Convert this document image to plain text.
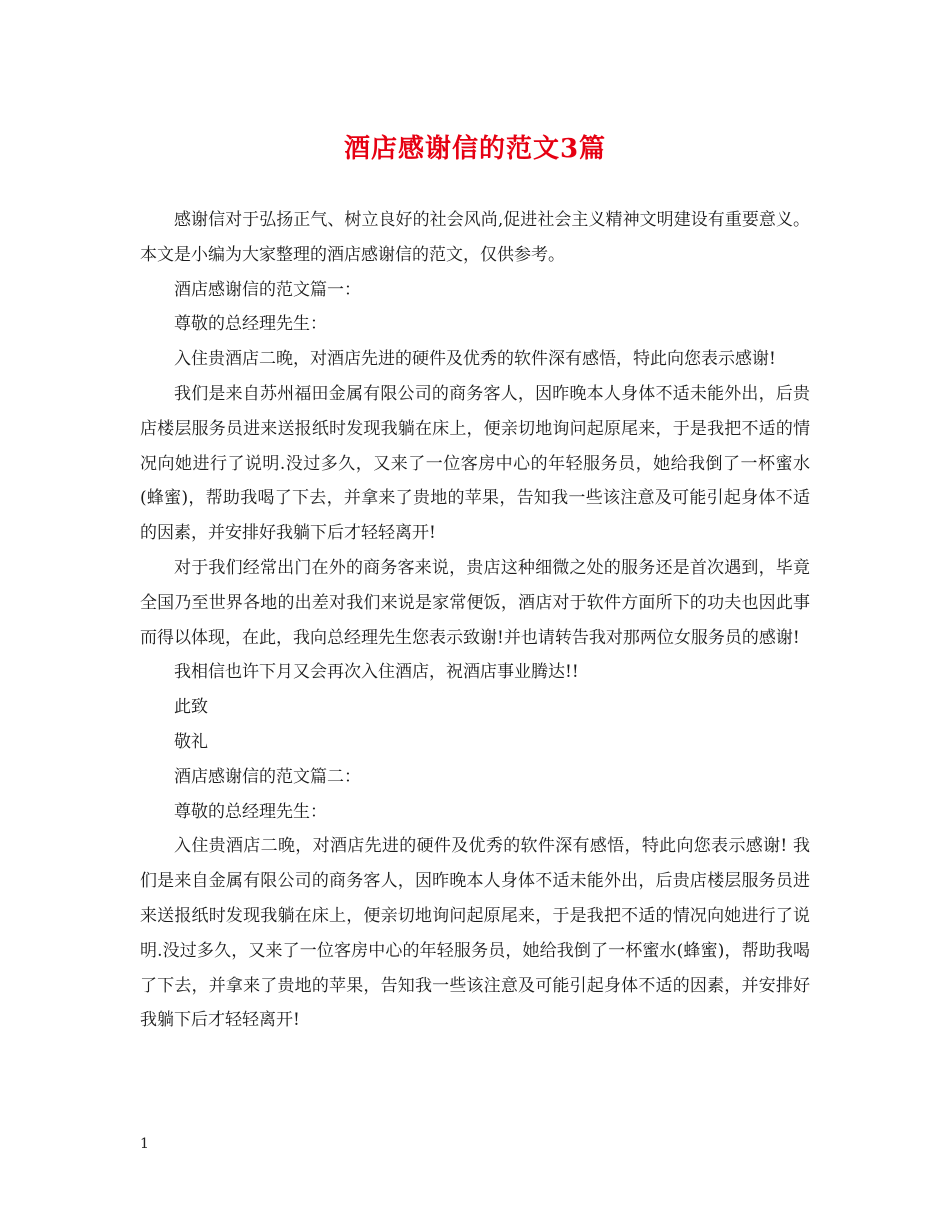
酒店感谢信的范文3篇

感谢信对于弘扬正气、树立良好的社会风尚,促进社会主义精神文明建设有重要意义。本文是小编为大家整理的酒店感谢信的范文，仅供参考。

酒店感谢信的范文篇一：

尊敬的总经理先生：

入住贵酒店二晚，对酒店先进的硬件及优秀的软件深有感悟，特此向您表示感谢!

我们是来自苏州福田金属有限公司的商务客人，因昨晚本人身体不适未能外出，后贵店楼层服务员进来送报纸时发现我躺在床上，便亲切地询问起原尾来，于是我把不适的情况向她进行了说明.没过多久，又来了一位客房中心的年轻服务员，她给我倒了一杯蜜水(蜂蜜)，帮助我喝了下去，并拿来了贵地的苹果，告知我一些该注意及可能引起身体不适的因素，并安排好我躺下后才轻轻离开!

对于我们经常出门在外的商务客来说，贵店这种细微之处的服务还是首次遇到，毕竟全国乃至世界各地的出差对我们来说是家常便饭，酒店对于软件方面所下的功夫也因此事而得以体现，在此，我向总经理先生您表示致谢!并也请转告我对那两位女服务员的感谢!

我相信也许下月又会再次入住酒店，祝酒店事业腾达!!

此致

敬礼

酒店感谢信的范文篇二：

尊敬的总经理先生：

入住贵酒店二晚，对酒店先进的硬件及优秀的软件深有感悟，特此向您表示感谢! 我们是来自金属有限公司的商务客人，因昨晚本人身体不适未能外出，后贵店楼层服务员进来送报纸时发现我躺在床上，便亲切地询问起原尾来，于是我把不适的情况向她进行了说明.没过多久，又来了一位客房中心的年轻服务员，她给我倒了一杯蜜水(蜂蜜)，帮助我喝了下去，并拿来了贵地的苹果，告知我一些该注意及可能引起身体不适的因素，并安排好我躺下后才轻轻离开!

1
